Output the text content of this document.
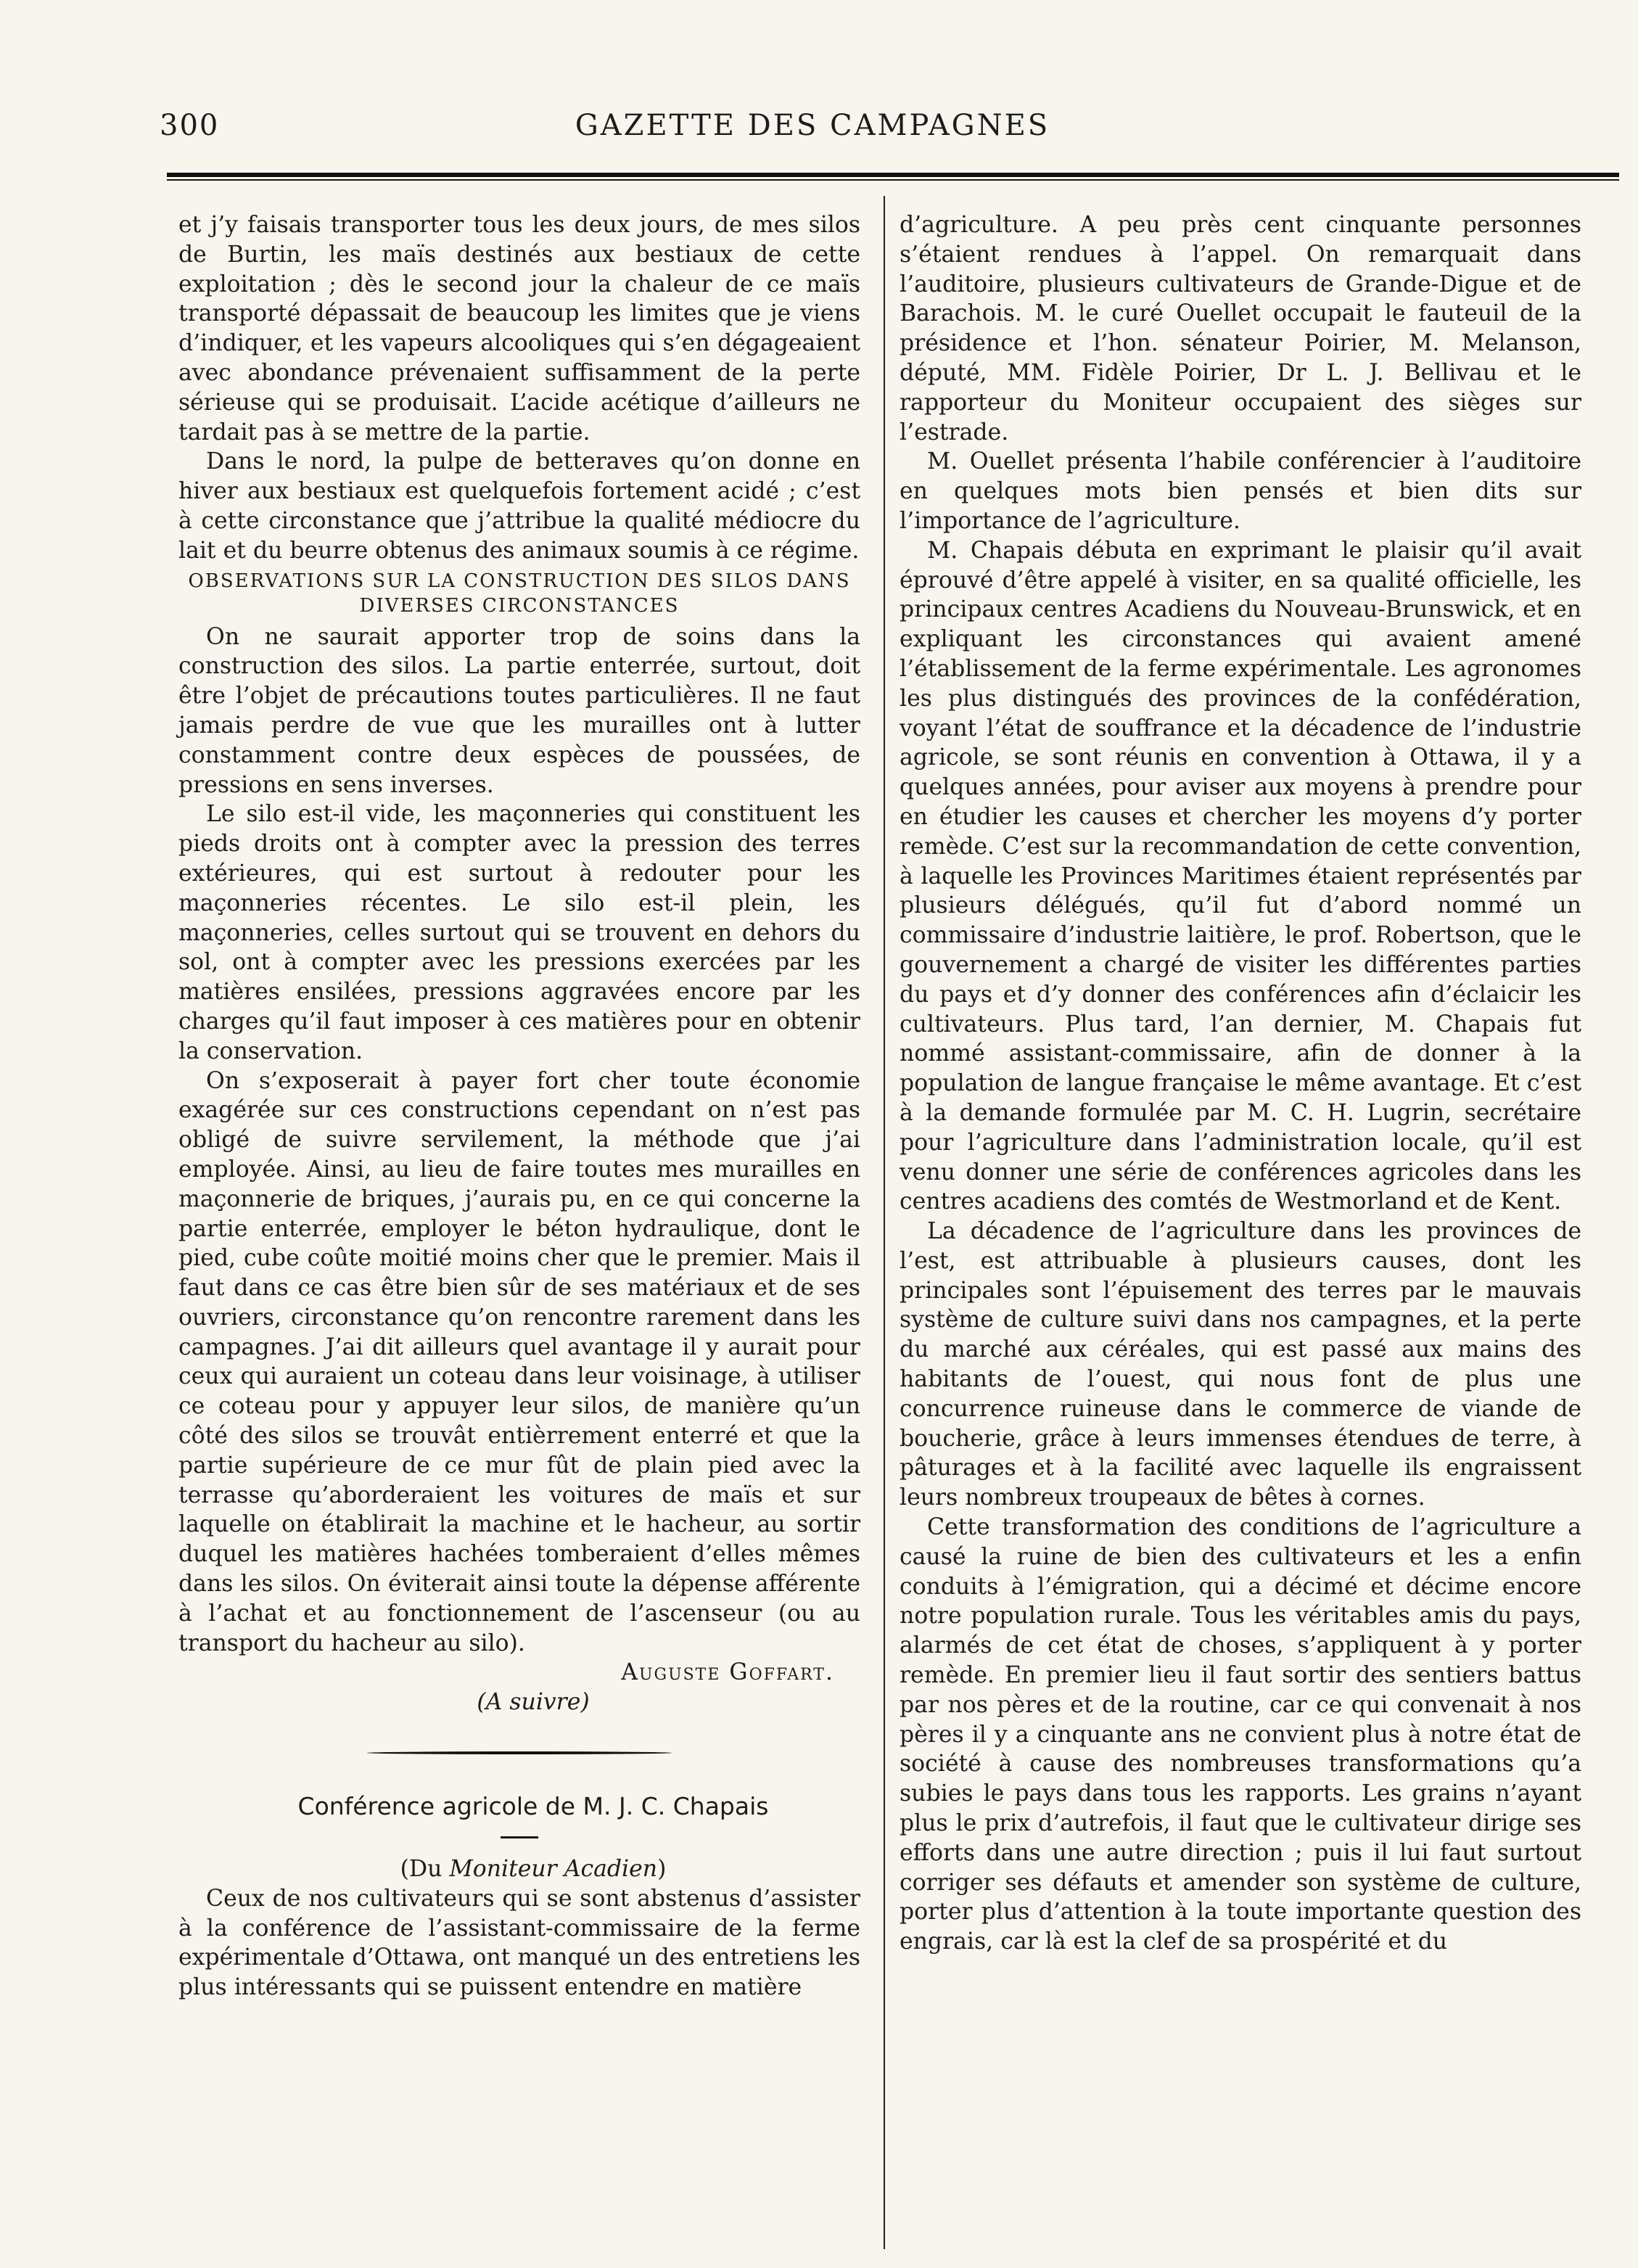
300	GAZETTE DES CAMPAGNES

et j’y faisais transporter tous les deux jours, de mes silos de Burtin, les maïs destinés aux bestiaux de cette exploitation ; dès le second jour la chaleur de ce maïs transporté dépassait de beaucoup les limites que je viens d’indiquer, et les vapeurs alcooliques qui s’en dégageaient avec abondance prévenaient suffisamment de la perte sérieuse qui se produisait. L’acide acétique d’ailleurs ne tardait pas à se mettre de la partie.

Dans le nord, la pulpe de betteraves qu’on donne en hiver aux bestiaux est quelquefois fortement acidé ; c’est à cette circonstance que j’attribue la qualité médiocre du lait et du beurre obtenus des animaux soumis à ce régime.

OBSERVATIONS SUR LA CONSTRUCTION DES SILOS DANS DIVERSES CIRCONSTANCES

On ne saurait apporter trop de soins dans la construction des silos. La partie enterrée, surtout, doit être l’objet de précautions toutes particulières. Il ne faut jamais perdre de vue que les murailles ont à lutter constamment contre deux espèces de poussées, de pressions en sens inverses.

Le silo est-il vide, les maçonneries qui constituent les pieds droits ont à compter avec la pression des terres extérieures, qui est surtout à redouter pour les maçonneries récentes. Le silo est-il plein, les maçonneries, celles surtout qui se trouvent en dehors du sol, ont à compter avec les pressions exercées par les matières ensilées, pressions aggravées encore par les charges qu’il faut imposer à ces matières pour en obtenir la conservation.

On s’exposerait à payer fort cher toute économie exagérée sur ces constructions cependant on n’est pas obligé de suivre servilement, la méthode que j’ai employée. Ainsi, au lieu de faire toutes mes murailles en maçonnerie de briques, j’aurais pu, en ce qui concerne la partie enterrée, employer le béton hydraulique, dont le pied, cube coûte moitié moins cher que le premier. Mais il faut dans ce cas être bien sûr de ses matériaux et de ses ouvriers, circonstance qu’on rencontre rarement dans les campagnes. J’ai dit ailleurs quel avantage il y aurait pour ceux qui auraient un coteau dans leur voisinage, à utiliser ce coteau pour y appuyer leur silos, de manière qu’un côté des silos se trouvât entièrrement enterré et que la partie supérieure de ce mur fût de plain pied avec la terrasse qu’aborderaient les voitures de maïs et sur laquelle on établirait la machine et le hacheur, au sortir duquel les matières hachées tomberaient d’elles mêmes dans les silos. On éviterait ainsi toute la dépense afférente à l’achat et au fonctionnement de l’ascenseur (ou au transport du hacheur au silo).

Auguste Goffart.

(A suivre)

Conférence agricole de M. J. C. Chapais

(Du Moniteur Acadien)

Ceux de nos cultivateurs qui se sont abstenus d’assister à la conférence de l’assistant-commissaire de la ferme expérimentale d’Ottawa, ont manqué un des entretiens les plus intéressants qui se puissent entendre en matière

d’agriculture. A peu près cent cinquante personnes s’étaient rendues à l’appel. On remarquait dans l’auditoire, plusieurs cultivateurs de Grande-Digue et de Barachois. M. le curé Ouellet occupait le fauteuil de la présidence et l’hon. sénateur Poirier, M. Melanson, député, MM. Fidèle Poirier, Dr L. J. Bellivau et le rapporteur du Moniteur occupaient des sièges sur l’estrade.

M. Ouellet présenta l’habile conférencier à l’auditoire en quelques mots bien pensés et bien dits sur l’importance de l’agriculture.

M. Chapais débuta en exprimant le plaisir qu’il avait éprouvé d’être appelé à visiter, en sa qualité officielle, les principaux centres Acadiens du Nouveau-Brunswick, et en expliquant les circonstances qui avaient amené l’établissement de la ferme expérimentale. Les agronomes les plus distingués des provinces de la confédération, voyant l’état de souffrance et la décadence de l’industrie agricole, se sont réunis en convention à Ottawa, il y a quelques années, pour aviser aux moyens à prendre pour en étudier les causes et chercher les moyens d’y porter remède. C’est sur la recommandation de cette convention, à laquelle les Provinces Maritimes étaient représentés par plusieurs délégués, qu’il fut d’abord nommé un commissaire d’industrie laitière, le prof. Robertson, que le gouvernement a chargé de visiter les différentes parties du pays et d’y donner des conférences afin d’éclaicir les cultivateurs. Plus tard, l’an dernier, M. Chapais fut nommé assistant-commissaire, afin de donner à la population de langue française le même avantage. Et c’est à la demande formulée par M. C. H. Lugrin, secrétaire pour l’agriculture dans l’administration locale, qu’il est venu donner une série de conférences agricoles dans les centres acadiens des comtés de Westmorland et de Kent.

La décadence de l’agriculture dans les provinces de l’est, est attribuable à plusieurs causes, dont les principales sont l’épuisement des terres par le mauvais système de culture suivi dans nos campagnes, et la perte du marché aux céréales, qui est passé aux mains des habitants de l’ouest, qui nous font de plus une concurrence ruineuse dans le commerce de viande de boucherie, grâce à leurs immenses étendues de terre, à pâturages et à la facilité avec laquelle ils engraissent leurs nombreux troupeaux de bêtes à cornes.

Cette transformation des conditions de l’agriculture a causé la ruine de bien des cultivateurs et les a enfin conduits à l’émigration, qui a décimé et décime encore notre population rurale. Tous les véritables amis du pays, alarmés de cet état de choses, s’appliquent à y porter remède. En premier lieu il faut sortir des sentiers battus par nos pères et de la routine, car ce qui convenait à nos pères il y a cinquante ans ne convient plus à notre état de société à cause des nombreuses transformations qu’a subies le pays dans tous les rapports. Les grains n’ayant plus le prix d’autrefois, il faut que le cultivateur dirige ses efforts dans une autre direction ; puis il lui faut surtout corriger ses défauts et amender son système de culture, porter plus d’attention à la toute importante question des engrais, car là est la clef de sa prospérité et du
